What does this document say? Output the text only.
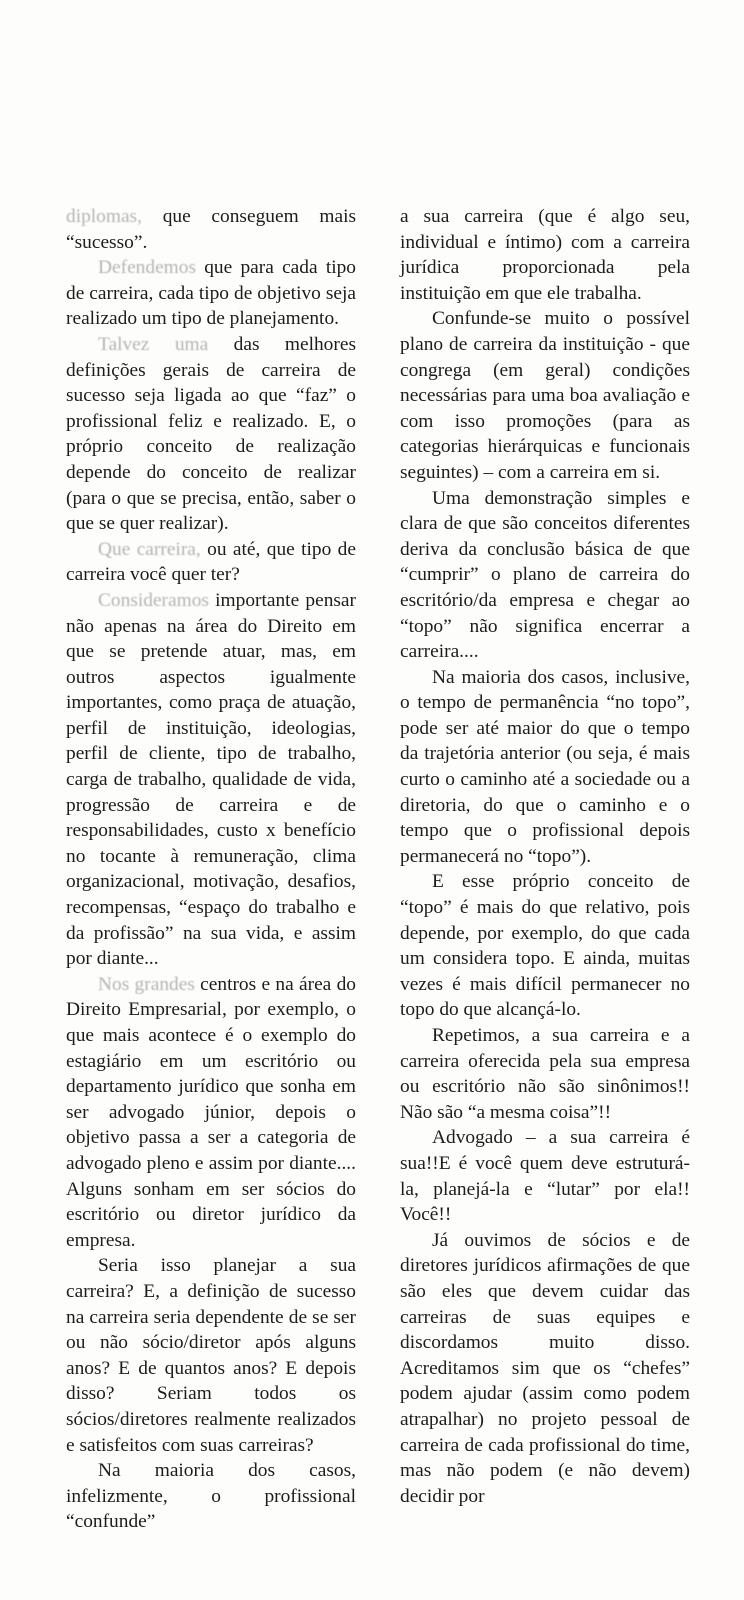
diplomas, que conseguem mais “sucesso”.

Defendemos que para cada tipo de carreira, cada tipo de objetivo seja realizado um tipo de planejamento.

Talvez uma das melhores definições gerais de carreira de sucesso seja ligada ao que “faz” o profissional feliz e realizado. E, o próprio conceito de realização depende do conceito de realizar (para o que se precisa, então, saber o que se quer realizar).

Que carreira, ou até, que tipo de carreira você quer ter?

Consideramos importante pensar não apenas na área do Direito em que se pretende atuar, mas, em outros aspectos igualmente importantes, como praça de atuação, perfil de instituição, ideologias, perfil de cliente, tipo de trabalho, carga de trabalho, qualidade de vida, progressão de carreira e de responsabilidades, custo x benefício no tocante à remuneração, clima organizacional, motivação, desafios, recompensas, “espaço do trabalho e da profissão” na sua vida, e assim por diante...

Nos grandes centros e na área do Direito Empresarial, por exemplo, o que mais acontece é o exemplo do estagiário em um escritório ou departamento jurídico que sonha em ser advogado júnior, depois o objetivo passa a ser a categoria de advogado pleno e assim por diante.... Alguns sonham em ser sócios do escritório ou diretor jurídico da empresa.

Seria isso planejar a sua carreira? E, a definição de sucesso na carreira seria dependente de se ser ou não sócio/diretor após alguns anos? E de quantos anos? E depois disso? Seriam todos os sócios/diretores realmente realizados e satisfeitos com suas carreiras?

Na maioria dos casos, infelizmente, o profissional “confunde”

a sua carreira (que é algo seu, individual e íntimo) com a carreira jurídica proporcionada pela instituição em que ele trabalha.

Confunde-se muito o possível plano de carreira da instituição - que congrega (em geral) condições necessárias para uma boa avaliação e com isso promoções (para as categorias hierárquicas e funcionais seguintes) – com a carreira em si.

Uma demonstração simples e clara de que são conceitos diferentes deriva da conclusão básica de que “cumprir” o plano de carreira do escritório/da empresa e chegar ao “topo” não significa encerrar a carreira....

Na maioria dos casos, inclusive, o tempo de permanência “no topo”, pode ser até maior do que o tempo da trajetória anterior (ou seja, é mais curto o caminho até a sociedade ou a diretoria, do que o caminho e o tempo que o profissional depois permanecerá no “topo”).

E esse próprio conceito de “topo” é mais do que relativo, pois depende, por exemplo, do que cada um considera topo. E ainda, muitas vezes é mais difícil permanecer no topo do que alcançá-lo.

Repetimos, a sua carreira e a carreira oferecida pela sua empresa ou escritório não são sinônimos!! Não são “a mesma coisa”!!

Advogado – a sua carreira é sua!!E é você quem deve estruturá-la, planejá-la e “lutar” por ela!! Você!!

Já ouvimos de sócios e de diretores jurídicos afirmações de que são eles que devem cuidar das carreiras de suas equipes e discordamos muito disso. Acreditamos sim que os “chefes” podem ajudar (assim como podem atrapalhar) no projeto pessoal de carreira de cada profissional do time, mas não podem (e não devem) decidir por
